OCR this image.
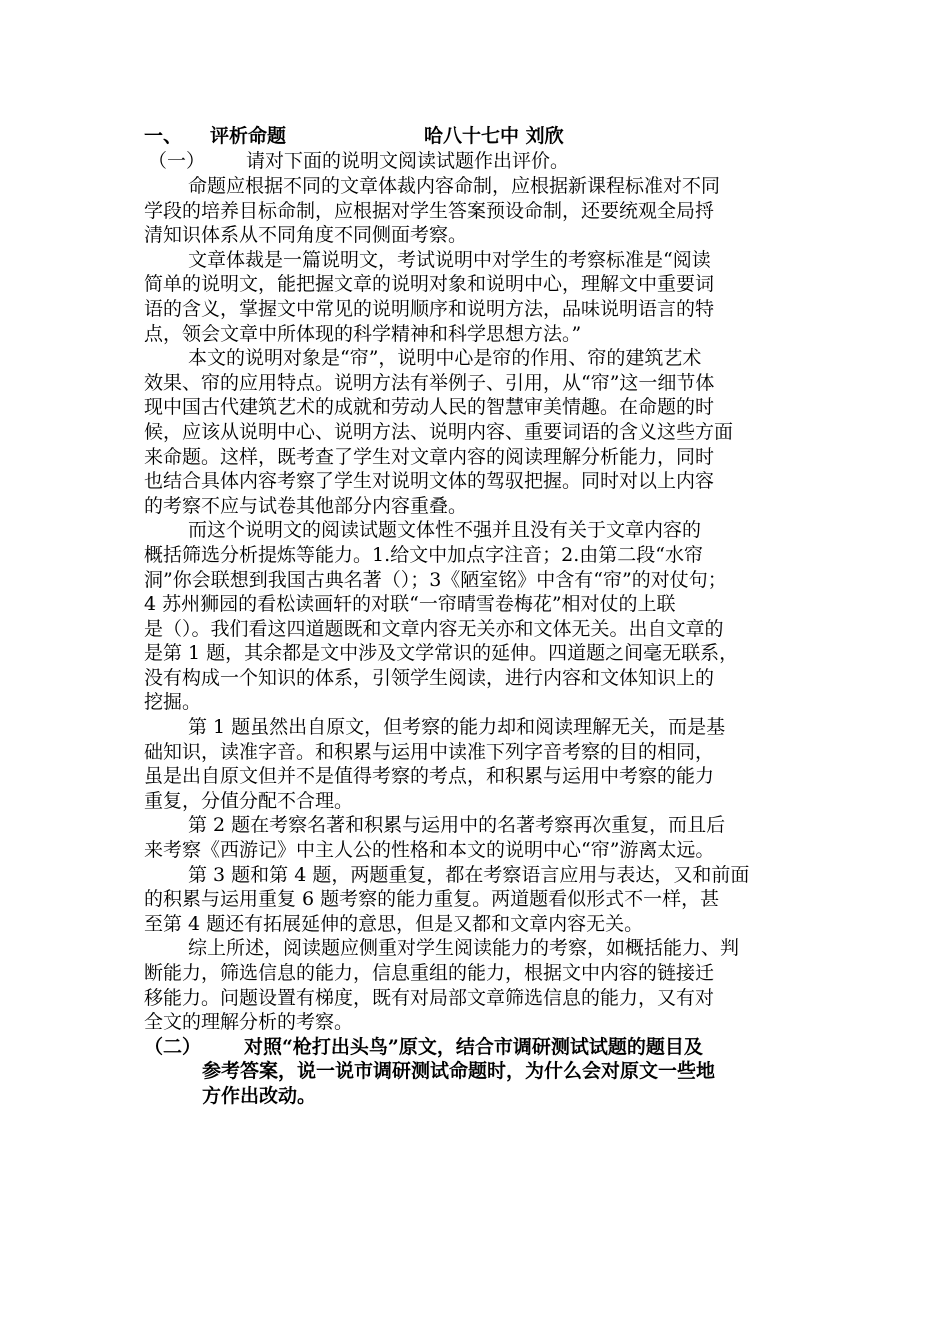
一、 评析命题	哈八十七中 刘欣
（一） 请对下面的说明文阅读试题作出评价。
命题应根据不同的文章体裁内容命制，应根据新课程标准对不同
学段的培养目标命制，应根据对学生答案预设命制，还要统观全局捋
清知识体系从不同角度不同侧面考察。
文章体裁是一篇说明文，考试说明中对学生的考察标准是“阅读
简单的说明文，能把握文章的说明对象和说明中心，理解文中重要词
语的含义，掌握文中常见的说明顺序和说明方法，品味说明语言的特
点，领会文章中所体现的科学精神和科学思想方法。”
本文的说明对象是“帘”，说明中心是帘的作用、帘的建筑艺术
效果、帘的应用特点。说明方法有举例子、引用，从“帘”这一细节体
现中国古代建筑艺术的成就和劳动人民的智慧审美情趣。在命题的时
候，应该从说明中心、说明方法、说明内容、重要词语的含义这些方面
来命题。这样，既考查了学生对文章内容的阅读理解分析能力，同时
也结合具体内容考察了学生对说明文体的驾驭把握。同时对以上内容
的考察不应与试卷其他部分内容重叠。
而这个说明文的阅读试题文体性不强并且没有关于文章内容的
概括筛选分析提炼等能力。1.给文中加点字注音；2.由第二段“水帘
洞”你会联想到我国古典名著（）；3《陋室铭》中含有“帘”的对仗句；
4 苏州狮园的看松读画轩的对联“一帘晴雪卷梅花”相对仗的上联
是（）。我们看这四道题既和文章内容无关亦和文体无关。出自文章的
是第 1 题，其余都是文中涉及文学常识的延伸。四道题之间毫无联系，
没有构成一个知识的体系，引领学生阅读，进行内容和文体知识上的
挖掘。
第 1 题虽然出自原文，但考察的能力却和阅读理解无关，而是基
础知识，读准字音。和积累与运用中读准下列字音考察的目的相同，
虽是出自原文但并不是值得考察的考点，和积累与运用中考察的能力
重复，分值分配不合理。
第 2 题在考察名著和积累与运用中的名著考察再次重复，而且后
来考察《西游记》中主人公的性格和本文的说明中心“帘”游离太远。
第 3 题和第 4 题，两题重复，都在考察语言应用与表达，又和前面
的积累与运用重复 6 题考察的能力重复。两道题看似形式不一样，甚
至第 4 题还有拓展延伸的意思，但是又都和文章内容无关。
综上所述，阅读题应侧重对学生阅读能力的考察，如概括能力、判
断能力，筛选信息的能力，信息重组的能力，根据文中内容的链接迁
移能力。问题设置有梯度，既有对局部文章筛选信息的能力，又有对
全文的理解分析的考察。
（二） 对照“枪打出头鸟”原文，结合市调研测试试题的题目及
参考答案，说一说市调研测试命题时，为什么会对原文一些地
方作出改动。
